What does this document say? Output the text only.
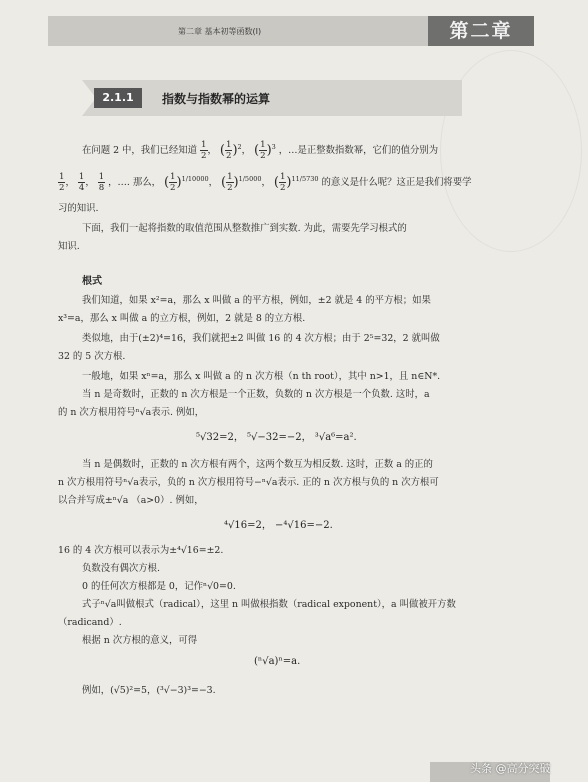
第二章 基本初等函数(Ⅰ)	第二章
2.1.1	指数与指数幂的运算
在问题 2 中，我们已经知道 $\frac{1}{2}$ ， ( $\frac{1}{2} )^2$， ( $\frac{1}{2} )^3$ ，…是正整数指数幂，它们的值分别为
$\frac{1}{2}$ ， $\frac{1}{4}$ ， $\frac{1}{8}$ ，…. 那么， ( $\frac{1}{2} )^{1/10000}$， ( $\frac{1}{2} )^{1/5000}$， ( $\frac{1}{2} )^{11/5730}$ 的意义是什么呢？这正是我们将要学
习的知识.
下面，我们一起将指数的取值范围从整数推广到实数. 为此，需要先学习根式的
知识.
根式
我们知道，如果 x²=a，那么 x 叫做 a 的平方根，例如，±2 就是 4 的平方根；如果
x³=a，那么 x 叫做 a 的立方根，例如，2 就是 8 的立方根.
类似地，由于(±2)⁴=16，我们就把±2 叫做 16 的 4 次方根；由于 2⁵=32，2 就叫做
32 的 5 次方根.
一般地，如果 xⁿ=a，那么 x 叫做 a 的 n 次方根（n th root），其中 n>1，且 n∈N*.
当 n 是奇数时，正数的 n 次方根是一个正数，负数的 n 次方根是一个负数. 这时，a
的 n 次方根用符号ⁿ√a表示. 例如，
⁵√32=2， ⁵√−32=−2， ³√a⁶=a².
当 n 是偶数时，正数的 n 次方根有两个，这两个数互为相反数. 这时，正数 a 的正的
n 次方根用符号ⁿ√a表示，负的 n 次方根用符号−ⁿ√a表示. 正的 n 次方根与负的 n 次方根可
以合并写成±ⁿ√a （a>0）. 例如，
⁴√16=2， −⁴√16=−2.
16 的 4 次方根可以表示为±⁴√16=±2.
负数没有偶次方根.
0 的任何次方根都是 0，记作ⁿ√0=0.
式子ⁿ√a叫做根式（radical），这里 n 叫做根指数（radical exponent），a 叫做被开方数
（radicand）.
根据 n 次方根的意义，可得
(ⁿ√a)ⁿ=a.
例如，(√5)²=5，(³√−3)³=−3.
头条 @高分突破
